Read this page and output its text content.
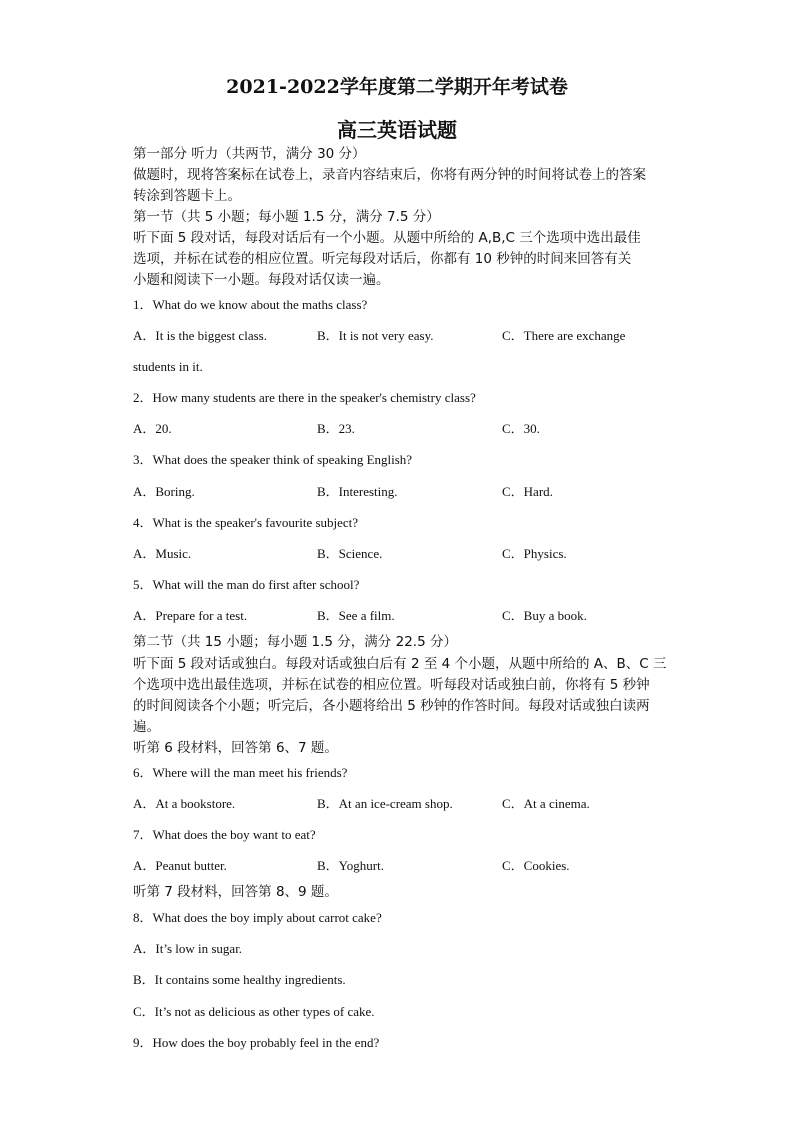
2021-2022学年度第二学期开年考试卷
高三英语试题
第一部分 听力（共两节，满分 30 分）
做题时，现将答案标在试卷上，录音内容结束后，你将有两分钟的时间将试卷上的答案
转涂到答题卡上。
第一节（共 5 小题；每小题 1.5 分，满分 7.5 分）
听下面 5 段对话，每段对话后有一个小题。从题中所给的 A,B,C 三个选项中选出最佳
选项，并标在试卷的相应位置。听完每段对话后，你都有 10 秒钟的时间来回答有关
小题和阅读下一小题。每段对话仅读一遍。
1．What do we know about the maths class?
A．It is the biggest class.	B．It is not very easy.	C．There are exchange
students in it.
2．How many students are there in the speaker's chemistry class?
A．20.	B．23.	C．30.
3．What does the speaker think of speaking English?
A．Boring.	B．Interesting.	C．Hard.
4．What is the speaker's favourite subject?
A．Music.	B．Science.	C．Physics.
5．What will the man do first after school?
A．Prepare for a test.	B．See a film.	C．Buy a book.
第二节（共 15 小题；每小题 1.5 分，满分 22.5 分）
听下面 5 段对话或独白。每段对话或独白后有 2 至 4 个小题，从题中所给的 A、B、C 三
个选项中选出最佳选项，并标在试卷的相应位置。听每段对话或独白前，你将有 5 秒钟
的时间阅读各个小题；听完后，各小题将给出 5 秒钟的作答时间。每段对话或独白读两
遍。
听第 6 段材料，回答第 6、7 题。
6．Where will the man meet his friends?
A．At a bookstore.	B．At an ice-cream shop.	C．At a cinema.
7．What does the boy want to eat?
A．Peanut butter.	B．Yoghurt.	C．Cookies.
听第 7 段材料，回答第 8、9 题。
8．What does the boy imply about carrot cake?
A．It’s low in sugar.
B．It contains some healthy ingredients.
C．It’s not as delicious as other types of cake.
9．How does the boy probably feel in the end?
